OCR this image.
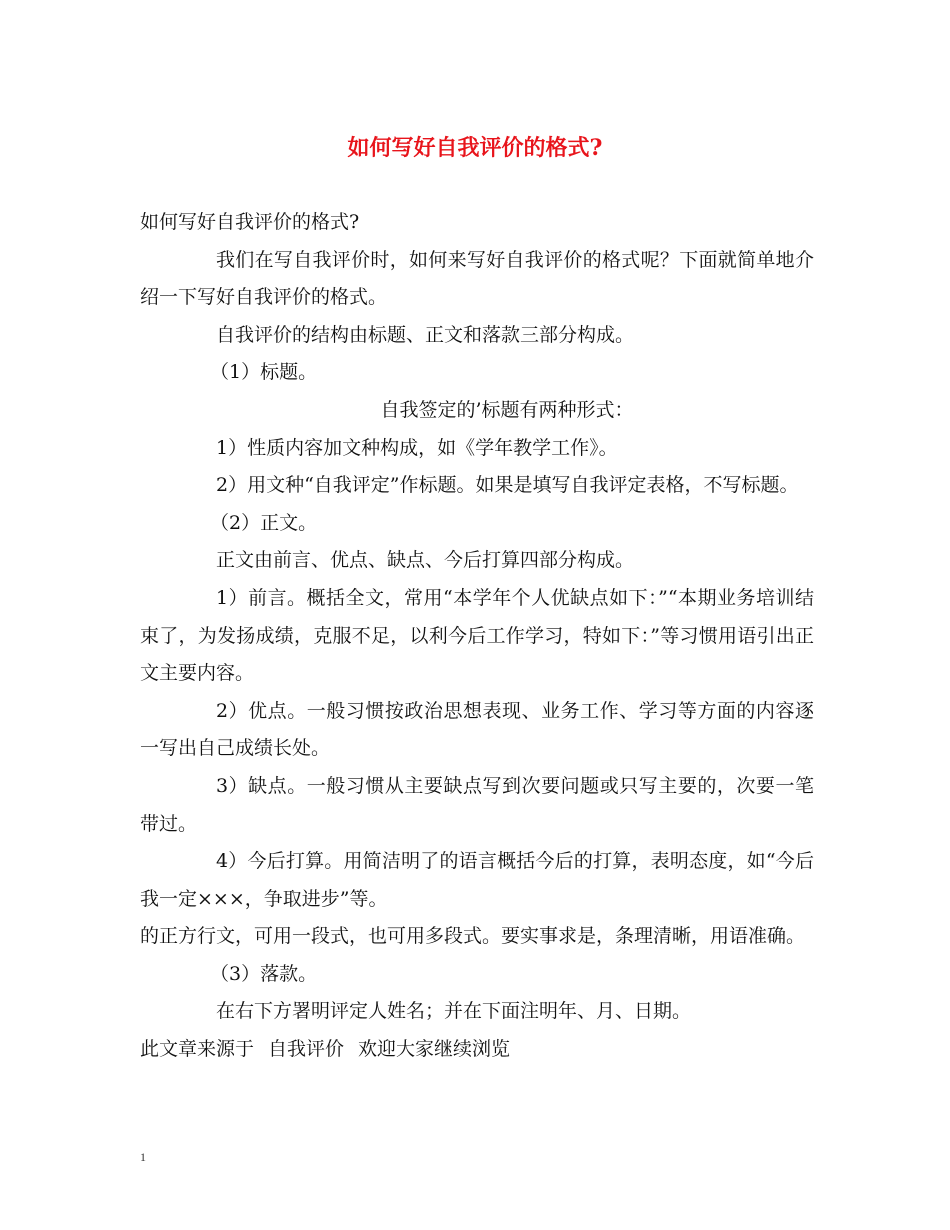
如何写好自我评价的格式?

如何写好自我评价的格式?

我们在写自我评价时，如何来写好自我评价的格式呢？下面就简单地介绍一下写好自我评价的格式。

自我评价的结构由标题、正文和落款三部分构成。

（1）标题。

自我签定的’标题有两种形式：

1）性质内容加文种构成，如《学年教学工作》。

2）用文种“自我评定”作标题。如果是填写自我评定表格，不写标题。

（2）正文。

正文由前言、优点、缺点、今后打算四部分构成。

1）前言。概括全文，常用“本学年个人优缺点如下：”“本期业务培训结束了，为发扬成绩，克服不足，以利今后工作学习，特如下：”等习惯用语引出正文主要内容。

2）优点。一般习惯按政治思想表现、业务工作、学习等方面的内容逐一写出自己成绩长处。

3）缺点。一般习惯从主要缺点写到次要问题或只写主要的，次要一笔带过。

4）今后打算。用简洁明了的语言概括今后的打算，表明态度，如“今后我一定×××，争取进步”等。

的正方行文，可用一段式，也可用多段式。要实事求是，条理清晰，用语准确。

（3）落款。

在右下方署明评定人姓名；并在下面注明年、月、日期。

此文章来源于 自我评价 欢迎大家继续浏览

1
